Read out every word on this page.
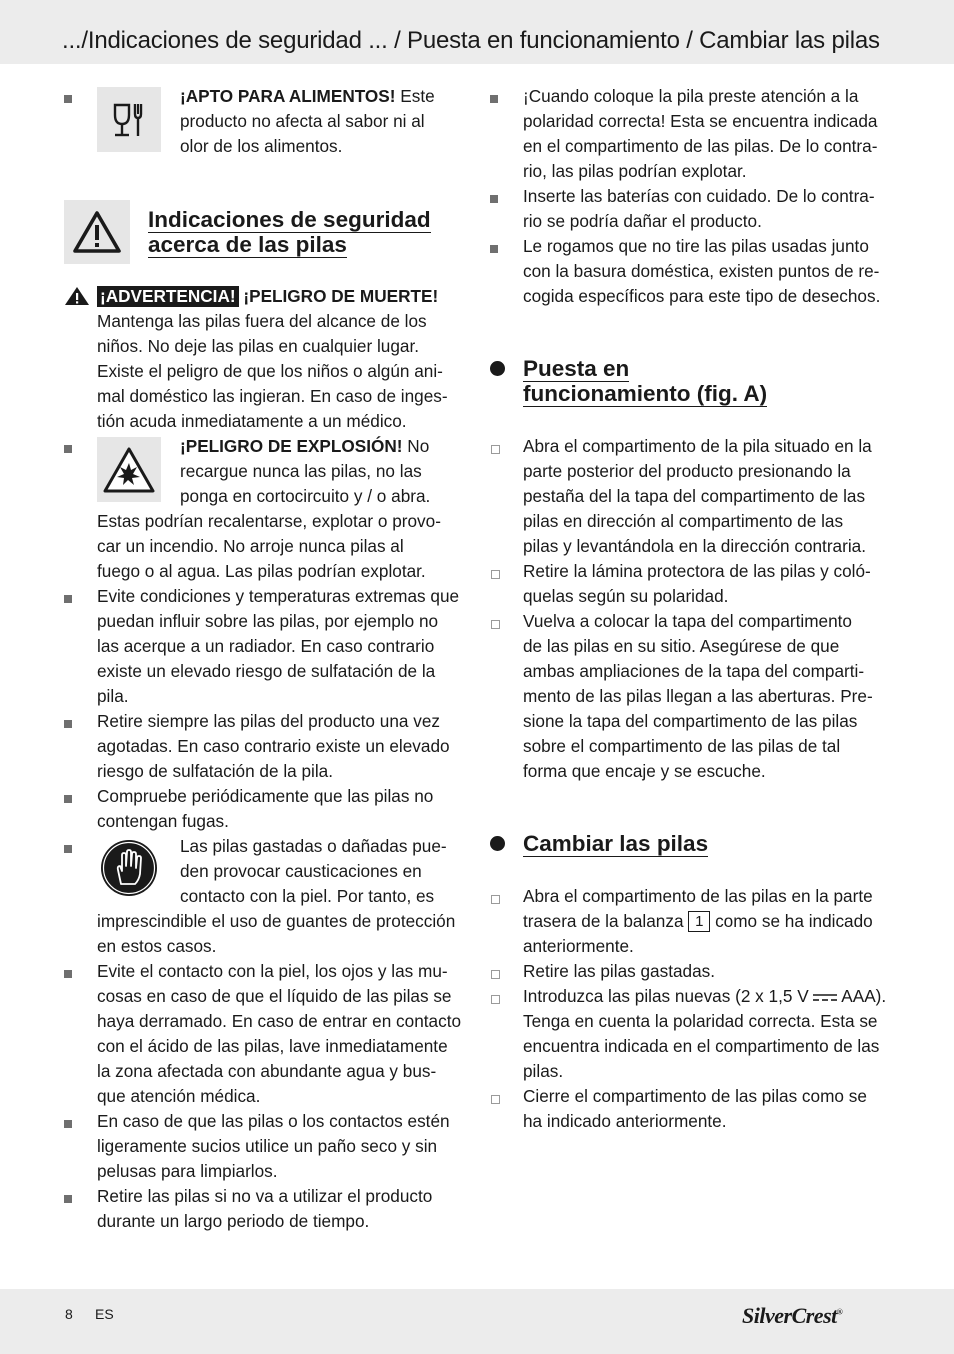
.../Indicaciones de seguridad ... / Puesta en funcionamiento / Cambiar las pilas

¡APTO PARA ALIMENTOS! Este

producto no afecta al sabor ni al

olor de los alimentos.

Indicaciones de seguridad
acerca de las pilas

¡ADVERTENCIA! ¡PELIGRO DE MUERTE!

Mantenga las pilas fuera del alcance de los

niños. No deje las pilas en cualquier lugar.

Existe el peligro de que los niños o algún ani-

mal doméstico las ingieran. En caso de inges-

tión acuda inmediatamente a un médico.

¡PELIGRO DE EXPLOSIÓN! No

recargue nunca las pilas, no las

ponga en cortocircuito y / o abra.

Estas podrían recalentarse, explotar o provo-

car un incendio. No arroje nunca pilas al

fuego o al agua. Las pilas podrían explotar.

Evite condiciones y temperaturas extremas que

puedan influir sobre las pilas, por ejemplo no

las acerque a un radiador. En caso contrario

existe un elevado riesgo de sulfatación de la

pila.

Retire siempre las pilas del producto una vez

agotadas. En caso contrario existe un elevado

riesgo de sulfatación de la pila.

Compruebe periódicamente que las pilas no

contengan fugas.

Las pilas gastadas o dañadas pue-

den provocar causticaciones en

contacto con la piel. Por tanto, es

imprescindible el uso de guantes de protección

en estos casos.

Evite el contacto con la piel, los ojos y las mu-

cosas en caso de que el líquido de las pilas se

haya derramado. En caso de entrar en contacto

con el ácido de las pilas, lave inmediatamente

la zona afectada con abundante agua y bus-

que atención médica.

En caso de que las pilas o los contactos estén

ligeramente sucios utilice un paño seco y sin

pelusas para limpiarlos.

Retire las pilas si no va a utilizar el producto

durante un largo periodo de tiempo.

¡Cuando coloque la pila preste atención a la

polaridad correcta! Esta se encuentra indicada

en el compartimento de las pilas. De lo contra-

rio, las pilas podrían explotar.

Inserte las baterías con cuidado. De lo contra-

rio se podría dañar el producto.

Le rogamos que no tire las pilas usadas junto

con la basura doméstica, existen puntos de re-

cogida específicos para este tipo de desechos.

Puesta en
funcionamiento (fig. A)

Abra el compartimento de la pila situado en la

parte posterior del producto presionando la

pestaña del la tapa del compartimento de las

pilas en dirección al compartimento de las

pilas y levantándola en la dirección contraria.

Retire la lámina protectora de las pilas y coló-

quelas según su polaridad.

Vuelva a colocar la tapa del compartimento

de las pilas en su sitio. Asegúrese de que

ambas ampliaciones de la tapa del comparti-

mento de las pilas llegan a las aberturas. Pre-

sione la tapa del compartimento de las pilas

sobre el compartimento de las pilas de tal

forma que encaje y se escuche.

Cambiar las pilas

Abra el compartimento de las pilas en la parte

trasera de la balanza 1 como se ha indicado

anteriormente.

Retire las pilas gastadas.

Introduzca las pilas nuevas (2 x 1,5 V  AAA).

Tenga en cuenta la polaridad correcta. Esta se

encuentra indicada en el compartimento de las

pilas.

Cierre el compartimento de las pilas como se

ha indicado anteriormente.

8 ES	SilverCrest®
